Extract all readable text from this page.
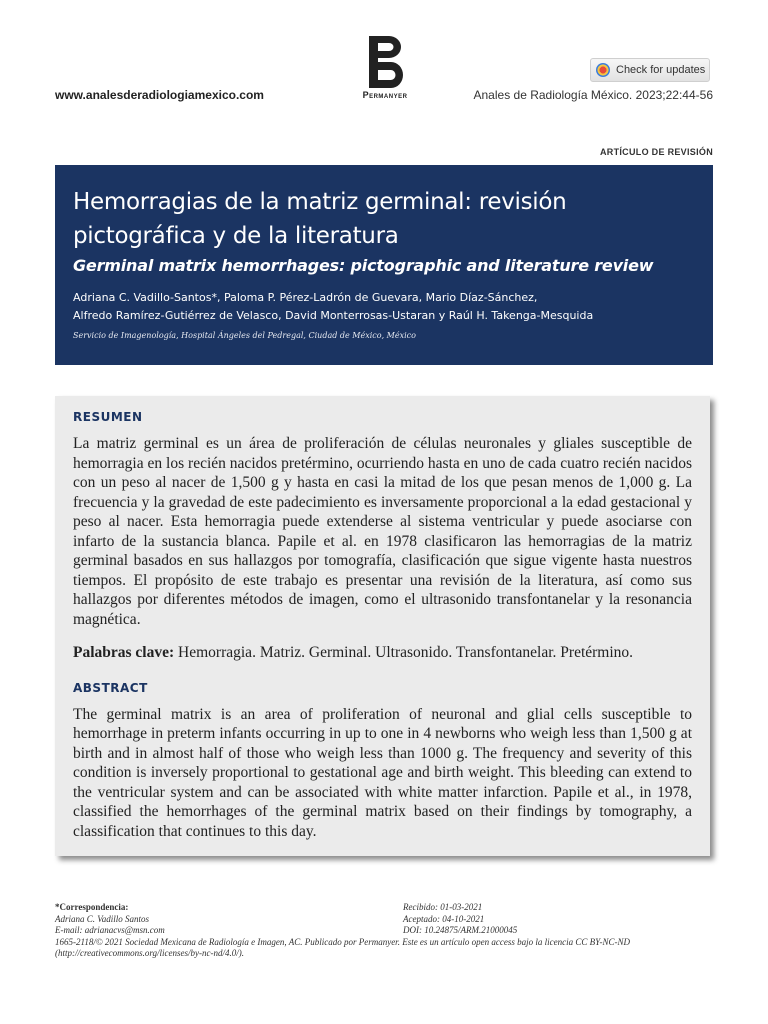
www.analesderadiologiamexico.com	Permanyer
Check for updates
Anales de Radiología México. 2023;22:44-56
ARTÍCULO DE REVISIÓN
Hemorragias de la matriz germinal: revisión
pictográfica y de la literatura
Germinal matrix hemorrhages: pictographic and literature review
Adriana C. Vadillo-Santos*, Paloma P. Pérez-Ladrón de Guevara, Mario Díaz-Sánchez,
Alfredo Ramírez-Gutiérrez de Velasco, David Monterrosas-Ustaran y Raúl H. Takenga-Mesquida
Servicio de Imagenología, Hospital Ángeles del Pedregal, Ciudad de México, México
RESUMEN

La matriz germinal es un área de proliferación de células neuronales y gliales susceptible de hemorragia en los recién nacidos pretérmino, ocurriendo hasta en uno de cada cuatro recién nacidos con un peso al nacer de 1,500 g y hasta en casi la mitad de los que pesan menos de 1,000 g. La frecuencia y la gravedad de este padecimiento es inversamente proporcional a la edad gestacional y peso al nacer. Esta hemorragia puede extenderse al sistema ventricular y puede asociarse con infarto de la sustancia blanca. Papile et al. en 1978 clasificaron las hemorragias de la matriz germinal basados en sus hallazgos por tomografía, clasificación que sigue vigente hasta nuestros tiempos. El propósito de este trabajo es presentar una revisión de la literatura, así como sus hallazgos por diferentes métodos de imagen, como el ultrasonido transfontanelar y la resonancia magnética.

Palabras clave: Hemorragia. Matriz. Germinal. Ultrasonido. Transfontanelar. Pretérmino.

ABSTRACT

The germinal matrix is an area of proliferation of neuronal and glial cells susceptible to hemorrhage in preterm infants occurring in up to one in 4 newborns who weigh less than 1,500 g at birth and in almost half of those who weigh less than 1000 g. The frequency and severity of this condition is inversely proportional to gestational age and birth weight. This bleeding can extend to the ventricular system and can be associated with white matter infarction. Papile et al., in 1978, classified the hemorrhages of the germinal matrix based on their findings by tomography, a classification that continues to this day.

*Correspondencia:
Adriana C. Vadillo Santos
E-mail: adrianacvs@msn.com
Recibido: 01-03-2021
Aceptado: 04-10-2021
DOI: 10.24875/ARM.21000045
1665-2118/© 2021 Sociedad Mexicana de Radiología e Imagen, AC. Publicado por Permanyer. Este es un artículo open access bajo la licencia CC BY-NC-ND
(http://creativecommons.org/licenses/by-nc-nd/4.0/).
